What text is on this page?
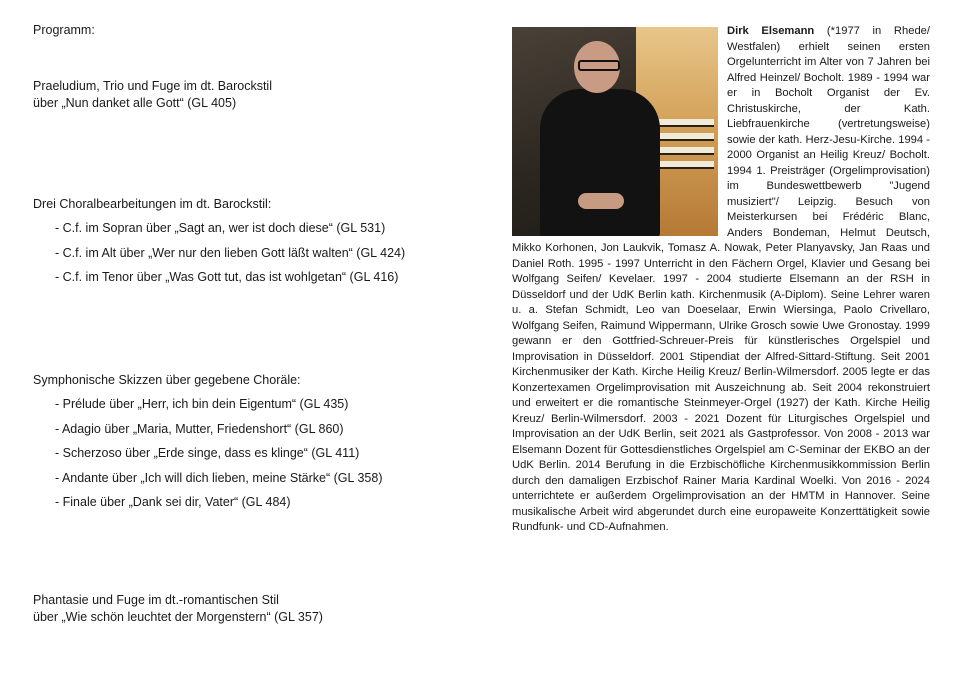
Programm:

Praeludium, Trio und Fuge im dt. Barockstil

über „Nun danket alle Gott“ (GL 405)

Drei Choralbearbeitungen im dt. Barockstil:

- C.f. im Sopran über „Sagt an, wer ist doch diese“ (GL 531)
- C.f. im Alt über „Wer nur den lieben Gott läßt walten“ (GL 424)
- C.f. im Tenor über „Was Gott tut, das ist wohlgetan“ (GL 416)

Symphonische Skizzen über gegebene Choräle:

- Prélude über „Herr, ich bin dein Eigentum“ (GL 435)
- Adagio über „Maria, Mutter, Friedenshort“ (GL 860)
- Scherzoso über „Erde singe, dass es klinge“ (GL 411)
- Andante über „Ich will dich lieben, meine Stärke“ (GL 358)
- Finale über „Dank sei dir, Vater“ (GL 484)

Phantasie und Fuge im dt.-romantischen Stil

über „Wie schön leuchtet der Morgenstern“ (GL 357)

Dirk Elsemann (*1977 in Rhede/ Westfalen) erhielt seinen ersten Orgelunterricht im Alter von 7 Jahren bei Alfred Heinzel/ Bocholt. 1989 - 1994 war er in Bocholt Organist der Ev. Christuskirche, der Kath. Liebfrauenkirche (vertretungsweise) sowie der kath. Herz-Jesu-Kirche. 1994 - 2000 Organist an Heilig Kreuz/ Bocholt. 1994 1. Preisträger (Orgelimprovisation) im Bundeswettbewerb "Jugend musiziert"/ Leipzig. Besuch von Meisterkursen bei Frédéric Blanc, Anders Bondeman, Helmut Deutsch, Mikko Korhonen, Jon Laukvik, Tomasz A. Nowak, Peter Planyavsky, Jan Raas und Daniel Roth. 1995 - 1997 Unterricht in den Fächern Orgel, Klavier und Gesang bei Wolfgang Seifen/ Kevelaer. 1997 - 2004 studierte Elsemann an der RSH in Düsseldorf und der UdK Berlin kath. Kirchenmusik (A-Diplom). Seine Lehrer waren u. a. Stefan Schmidt, Leo van Doeselaar, Erwin Wiersinga, Paolo Crivellaro, Wolfgang Seifen, Raimund Wippermann, Ulrike Grosch sowie Uwe Gronostay. 1999 gewann er den Gottfried-Schreuer-Preis für künstlerisches Orgelspiel und Improvisation in Düsseldorf. 2001 Stipendiat der Alfred-Sittard-Stiftung. Seit 2001 Kirchenmusiker der Kath. Kirche Heilig Kreuz/ Berlin-Wilmersdorf. 2005 legte er das Konzertexamen Orgelimprovisation mit Auszeichnung ab. Seit 2004 rekonstruiert und erweitert er die romantische Steinmeyer-Orgel (1927) der Kath. Kirche Heilig Kreuz/ Berlin-Wilmersdorf. 2003 - 2021 Dozent für Liturgisches Orgelspiel und Improvisation an der UdK Berlin, seit 2021 als Gastprofessor. Von 2008 - 2013 war Elsemann Dozent für Gottesdienstliches Orgelspiel am C-Seminar der EKBO an der UdK Berlin. 2014 Berufung in die Erzbischöfliche Kirchenmusikkommission Berlin durch den damaligen Erzbischof Rainer Maria Kardinal Woelki. Von 2016 - 2024 unterrichtete er außerdem Orgelimprovisation an der HMTM in Hannover. Seine musikalische Arbeit wird abgerundet durch eine europaweite Konzerttätigkeit sowie Rundfunk- und CD-Aufnahmen.
